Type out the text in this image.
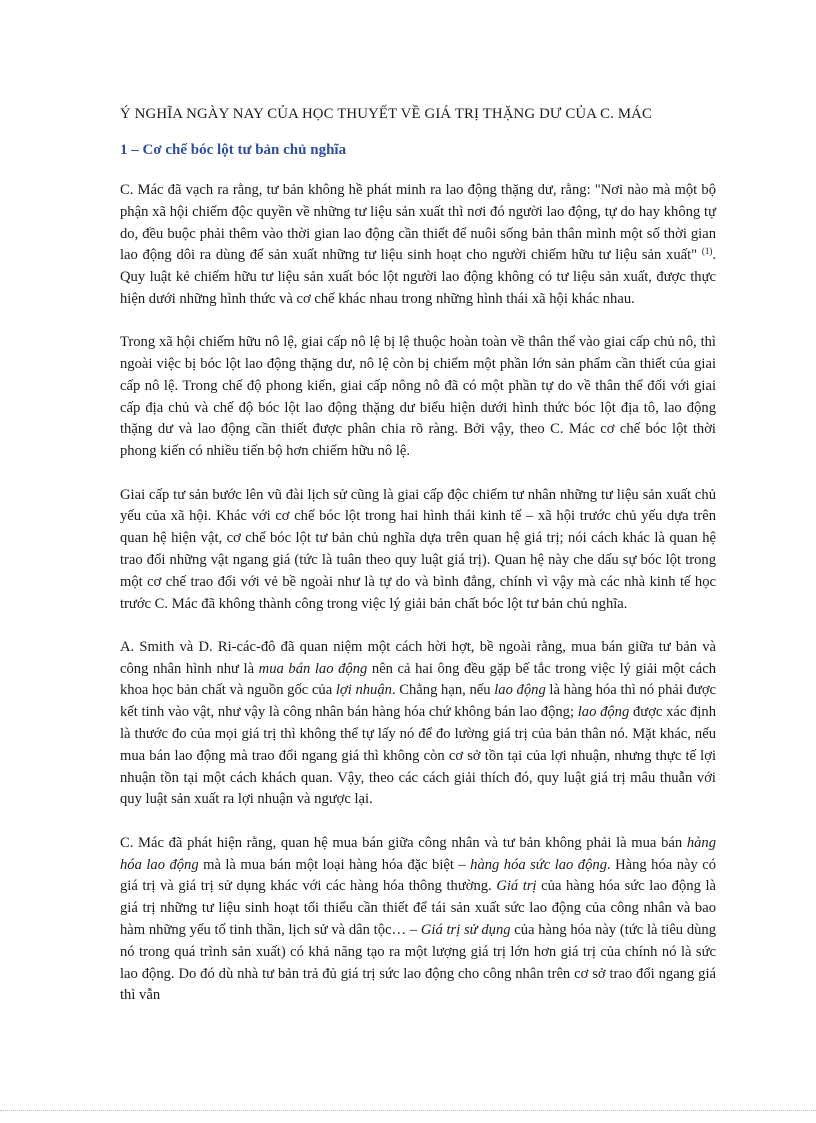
Ý NGHĨA NGÀY NAY CỦA HỌC THUYẾT VỀ GIÁ TRỊ THẶNG DƯ CỦA C. MÁC
1 – Cơ chế bóc lột tư bản chủ nghĩa

C. Mác đã vạch ra rằng, tư bản không hề phát minh ra lao động thặng dư, rằng: "Nơi nào mà một bộ phận xã hội chiếm độc quyền về những tư liệu sản xuất thì nơi đó người lao động, tự do hay không tự do, đều buộc phải thêm vào thời gian lao động cần thiết để nuôi sống bản thân mình một số thời gian lao động dôi ra dùng để sản xuất những tư liệu sinh hoạt cho người chiếm hữu tư liệu sản xuất" $^{(1)}$. Quy luật kẻ chiếm hữu tư liệu sản xuất bóc lột người lao động không có tư liệu sản xuất, được thực hiện dưới những hình thức và cơ chế khác nhau trong những hình thái xã hội khác nhau.

Trong xã hội chiếm hữu nô lệ, giai cấp nô lệ bị lệ thuộc hoàn toàn về thân thể vào giai cấp chủ nô, thì ngoài việc bị bóc lột lao động thặng dư, nô lệ còn bị chiếm một phần lớn sản phẩm cần thiết của giai cấp nô lệ. Trong chế độ phong kiến, giai cấp nông nô đã có một phần tự do về thân thể đối với giai cấp địa chủ và chế độ bóc lột lao động thặng dư biểu hiện dưới hình thức bóc lột địa tô, lao động thặng dư và lao động cần thiết được phân chia rõ ràng. Bởi vậy, theo C. Mác cơ chế bóc lột thời phong kiến có nhiều tiến bộ hơn chiếm hữu nô lệ.

Giai cấp tư sản bước lên vũ đài lịch sử cũng là giai cấp độc chiếm tư nhân những tư liệu sản xuất chủ yếu của xã hội. Khác với cơ chế bóc lột trong hai hình thái kinh tế – xã hội trước chủ yếu dựa trên quan hệ hiện vật, cơ chế bóc lột tư bản chủ nghĩa dựa trên quan hệ giá trị; nói cách khác là quan hệ trao đổi những vật ngang giá (tức là tuân theo quy luật giá trị). Quan hệ này che dấu sự bóc lột trong một cơ chế trao đổi với vẻ bề ngoài như là tự do và bình đẳng, chính vì vậy mà các nhà kinh tế học trước C. Mác đã không thành công trong việc lý giải bản chất bóc lột tư bản chủ nghĩa.

A. Smith và D. Ri-các-đô đã quan niệm một cách hời hợt, bề ngoài rằng, mua bán giữa tư bản và công nhân hình như là mua bán lao động nên cả hai ông đều gặp bế tắc trong việc lý giải một cách khoa học bản chất và nguồn gốc của lợi nhuận. Chẳng hạn, nếu lao động là hàng hóa thì nó phải được kết tinh vào vật, như vậy là công nhân bán hàng hóa chứ không bán lao động; lao động được xác định là thước đo của mọi giá trị thì không thể tự lấy nó để đo lường giá trị của bản thân nó. Mặt khác, nếu mua bán lao động mà trao đổi ngang giá thì không còn cơ sở tồn tại của lợi nhuận, nhưng thực tế lợi nhuận tồn tại một cách khách quan. Vậy, theo các cách giải thích đó, quy luật giá trị mâu thuẫn với quy luật sản xuất ra lợi nhuận và ngược lại.

C. Mác đã phát hiện rằng, quan hệ mua bán giữa công nhân và tư bản không phải là mua bán hàng hóa lao động mà là mua bán một loại hàng hóa đặc biệt – hàng hóa sức lao động. Hàng hóa này có giá trị và giá trị sử dụng khác với các hàng hóa thông thường. Giá trị của hàng hóa sức lao động là giá trị những tư liệu sinh hoạt tối thiểu cần thiết để tái sản xuất sức lao động của công nhân và bao hàm những yếu tố tinh thần, lịch sử và dân tộc… – Giá trị sử dụng của hàng hóa này (tức là tiêu dùng nó trong quá trình sản xuất) có khả năng tạo ra một lượng giá trị lớn hơn giá trị của chính nó là sức lao động. Do đó dù nhà tư bản trả đủ giá trị sức lao động cho công nhân trên cơ sở trao đổi ngang giá thì vẫn
